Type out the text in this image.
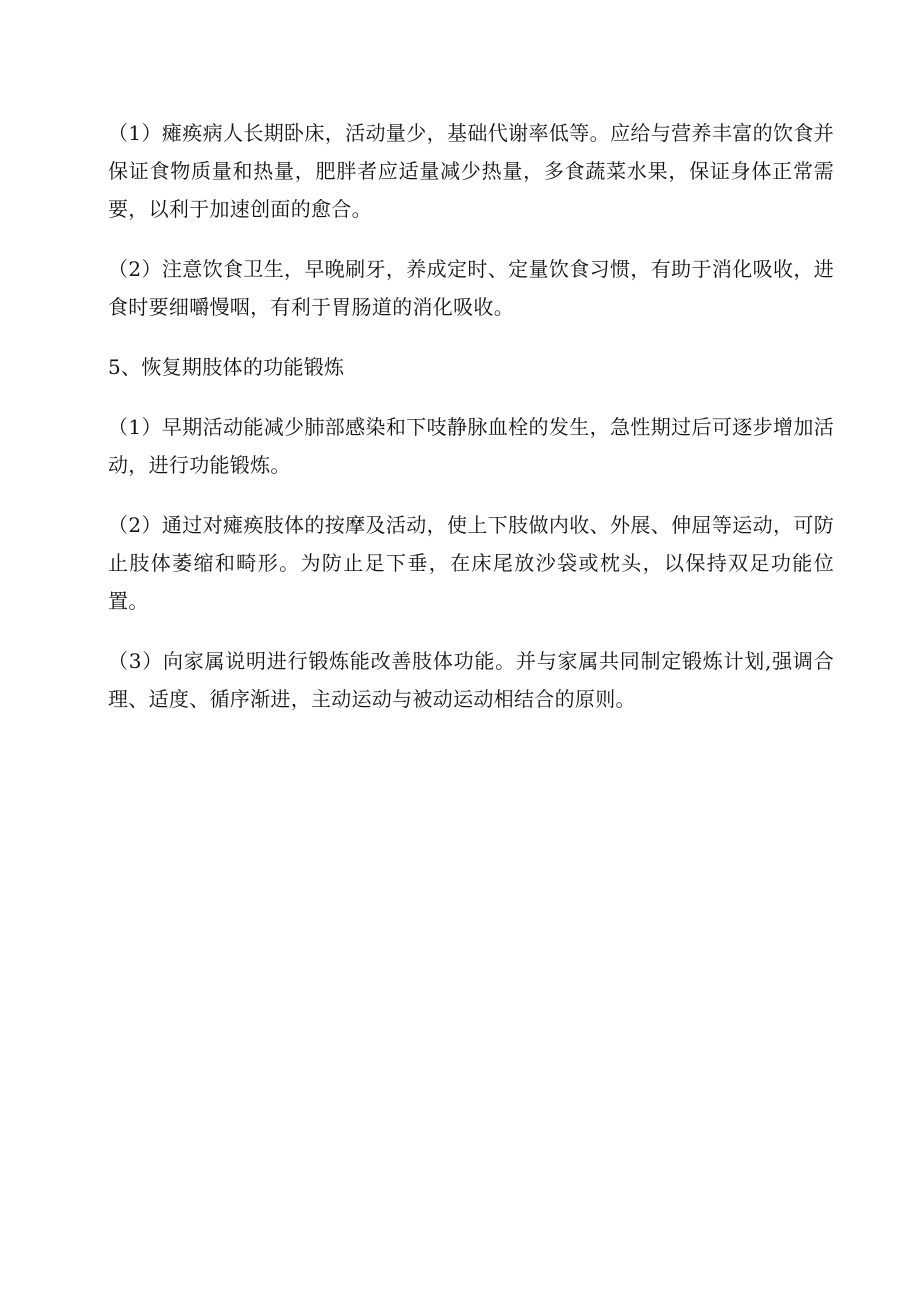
（1）瘫痪病人长期卧床，活动量少，基础代谢率低等。应给与营养丰富的饮食并保证食物质量和热量，肥胖者应适量减少热量，多食蔬菜水果，保证身体正常需要，以利于加速创面的愈合。

（2）注意饮食卫生，早晚刷牙，养成定时、定量饮食习惯，有助于消化吸收，进食时要细嚼慢咽，有利于胃肠道的消化吸收。

5、恢复期肢体的功能锻炼

（1）早期活动能减少肺部感染和下吱静脉血栓的发生，急性期过后可逐步增加活动，进行功能锻炼。

（2）通过对瘫痪肢体的按摩及活动，使上下肢做内收、外展、伸屈等运动，可防止肢体萎缩和畸形。为防止足下垂，在床尾放沙袋或枕头，以保持双足功能位置。

（3）向家属说明进行锻炼能改善肢体功能。并与家属共同制定锻炼计划,强调合理、适度、循序渐进，主动运动与被动运动相结合的原则。
